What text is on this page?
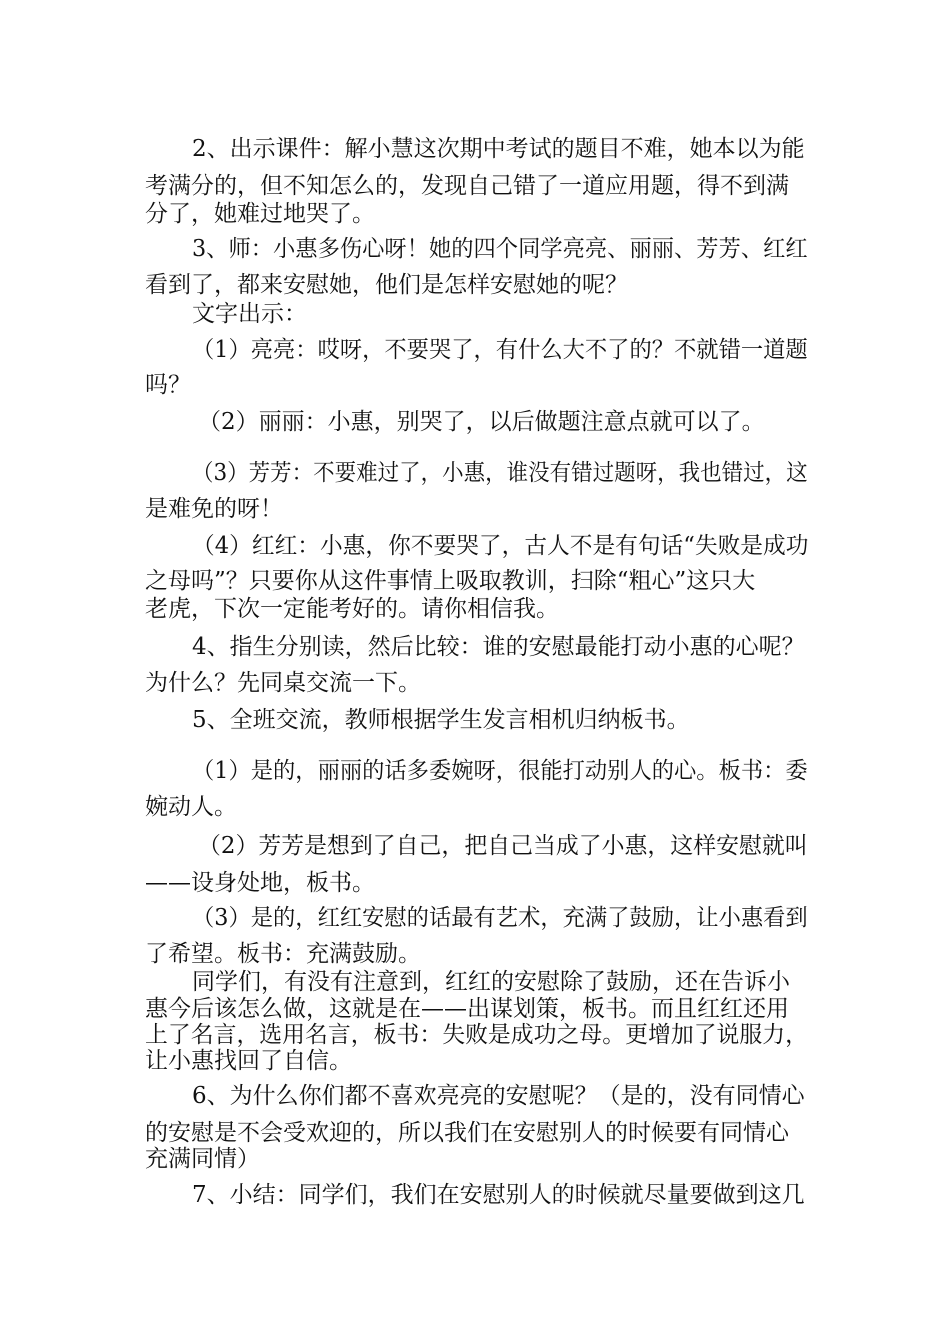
2、出示课件：解小慧这次期中考试的题目不难，她本以为能
考满分的，但不知怎么的，发现自己错了一道应用题，得不到满
分了，她难过地哭了。
3、师：小惠多伤心呀！她的四个同学亮亮、丽丽、芳芳、红红
看到了，都来安慰她，他们是怎样安慰她的呢？
文字出示：
（1）亮亮：哎呀，不要哭了，有什么大不了的？不就错一道题
吗？
（2）丽丽：小惠，别哭了，以后做题注意点就可以了。
（3）芳芳：不要难过了，小惠，谁没有错过题呀，我也错过，这
是难免的呀！
（4）红红：小惠，你不要哭了，古人不是有句话“失败是成功
之母吗”？只要你从这件事情上吸取教训，扫除“粗心”这只大
老虎，下次一定能考好的。请你相信我。
4、指生分别读，然后比较：谁的安慰最能打动小惠的心呢？
为什么？先同桌交流一下。
5、全班交流，教师根据学生发言相机归纳板书。
（1）是的，丽丽的话多委婉呀，很能打动别人的心。板书：委
婉动人。
（2）芳芳是想到了自己，把自己当成了小惠，这样安慰就叫
——设身处地，板书。
（3）是的，红红安慰的话最有艺术，充满了鼓励，让小惠看到
了希望。板书：充满鼓励。
同学们，有没有注意到，红红的安慰除了鼓励，还在告诉小
惠今后该怎么做，这就是在——出谋划策，板书。而且红红还用
上了名言，选用名言，板书：失败是成功之母。更增加了说服力，
让小惠找回了自信。
6、为什么你们都不喜欢亮亮的安慰呢？（是的，没有同情心
的安慰是不会受欢迎的，所以我们在安慰别人的时候要有同情心
充满同情）
7、小结：同学们，我们在安慰别人的时候就尽量要做到这几
